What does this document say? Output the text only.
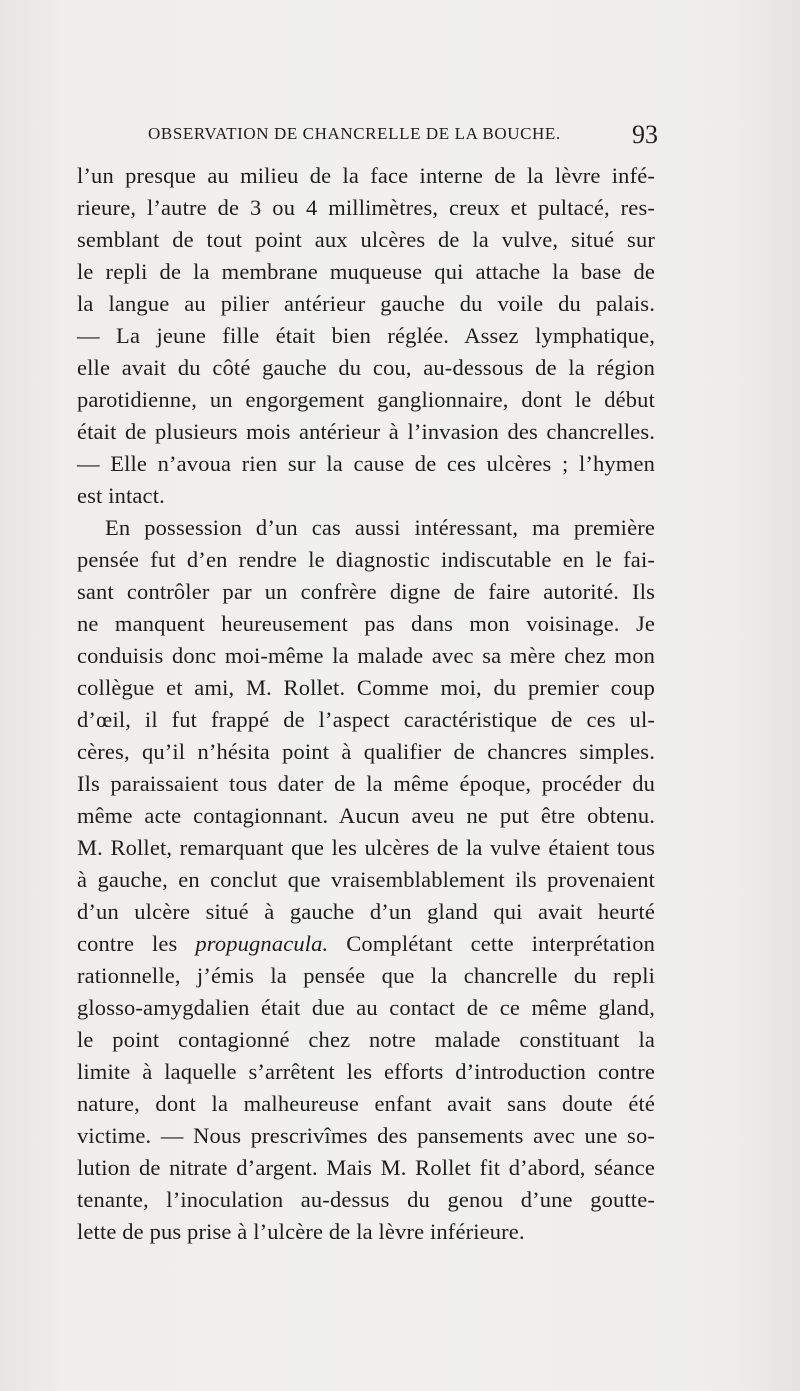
OBSERVATION DE CHANCRELLE DE LA BOUCHE.	93
l’un presque au milieu de la face interne de la lèvre infé-
rieure, l’autre de 3 ou 4 millimètres, creux et pultacé, res-
semblant de tout point aux ulcères de la vulve, situé sur
le repli de la membrane muqueuse qui attache la base de
la langue au pilier antérieur gauche du voile du palais.
— La jeune fille était bien réglée. Assez lymphatique,
elle avait du côté gauche du cou, au-dessous de la région
parotidienne, un engorgement ganglionnaire, dont le début
était de plusieurs mois antérieur à l’invasion des chancrelles.
— Elle n’avoua rien sur la cause de ces ulcères ; l’hymen
est intact.
En possession d’un cas aussi intéressant, ma première
pensée fut d’en rendre le diagnostic indiscutable en le fai-
sant contrôler par un confrère digne de faire autorité. Ils
ne manquent heureusement pas dans mon voisinage. Je
conduisis donc moi-même la malade avec sa mère chez mon
collègue et ami, M. Rollet. Comme moi, du premier coup
d’œil, il fut frappé de l’aspect caractéristique de ces ul-
cères, qu’il n’hésita point à qualifier de chancres simples.
Ils paraissaient tous dater de la même époque, procéder du
même acte contagionnant. Aucun aveu ne put être obtenu.
M. Rollet, remarquant que les ulcères de la vulve étaient tous
à gauche, en conclut que vraisemblablement ils provenaient
d’un ulcère situé à gauche d’un gland qui avait heurté
contre les propugnacula. Complétant cette interprétation
rationnelle, j’émis la pensée que la chancrelle du repli
glosso-amygdalien était due au contact de ce même gland,
le point contagionné chez notre malade constituant la
limite à laquelle s’arrêtent les efforts d’introduction contre
nature, dont la malheureuse enfant avait sans doute été
victime. — Nous prescrivîmes des pansements avec une so-
lution de nitrate d’argent. Mais M. Rollet fit d’abord, séance
tenante, l’inoculation au-dessus du genou d’une goutte-
lette de pus prise à l’ulcère de la lèvre inférieure.
